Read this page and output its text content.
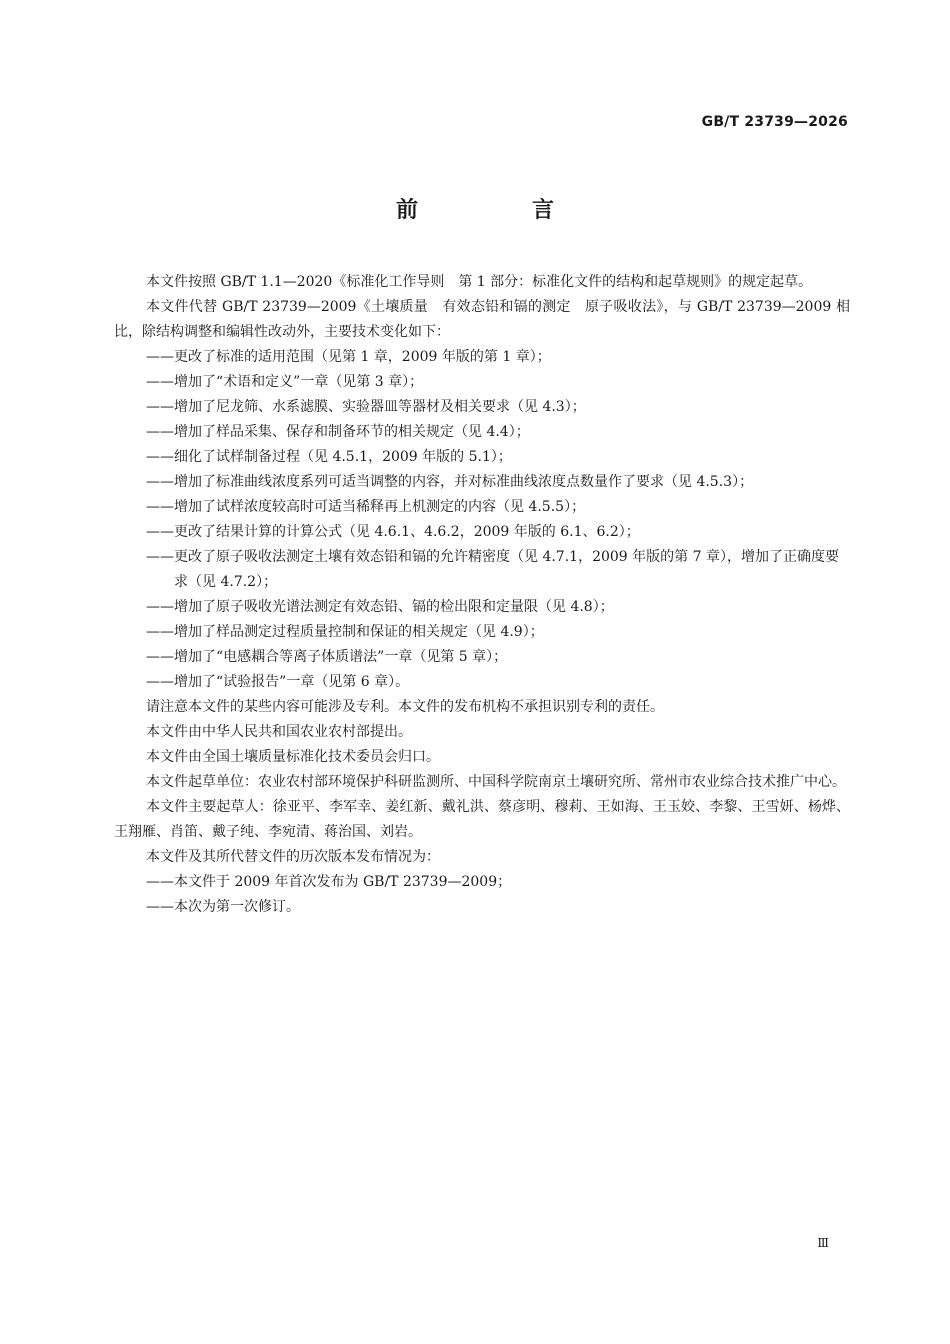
GB/T 23739—2026
前　言

本文件按照 GB/T 1.1—2020《标准化工作导则　第 1 部分：标准化文件的结构和起草规则》的规定起草。

本文件代替 GB/T 23739—2009《土壤质量　有效态铅和镉的测定　原子吸收法》，与 GB/T 23739—2009 相比，除结构调整和编辑性改动外，主要技术变化如下：

——更改了标准的适用范围（见第 1 章，2009 年版的第 1 章）；

——增加了“术语和定义”一章（见第 3 章）；

——增加了尼龙筛、水系滤膜、实验器皿等器材及相关要求（见 4.3）；

——增加了样品采集、保存和制备环节的相关规定（见 4.4）；

——细化了试样制备过程（见 4.5.1，2009 年版的 5.1）；

——增加了标准曲线浓度系列可适当调整的内容，并对标准曲线浓度点数量作了要求（见 4.5.3）；

——增加了试样浓度较高时可适当稀释再上机测定的内容（见 4.5.5）；

——更改了结果计算的计算公式（见 4.6.1、4.6.2，2009 年版的 6.1、6.2）；

——更改了原子吸收法测定土壤有效态铅和镉的允许精密度（见 4.7.1，2009 年版的第 7 章），增加了正确度要求（见 4.7.2）；

——增加了原子吸收光谱法测定有效态铅、镉的检出限和定量限（见 4.8）；

——增加了样品测定过程质量控制和保证的相关规定（见 4.9）；

——增加了“电感耦合等离子体质谱法”一章（见第 5 章）；

——增加了“试验报告”一章（见第 6 章）。

请注意本文件的某些内容可能涉及专利。本文件的发布机构不承担识别专利的责任。

本文件由中华人民共和国农业农村部提出。

本文件由全国土壤质量标准化技术委员会归口。

本文件起草单位：农业农村部环境保护科研监测所、中国科学院南京土壤研究所、常州市农业综合技术推广中心。

本文件主要起草人：徐亚平、李军幸、姜红新、戴礼洪、蔡彦明、穆莉、王如海、王玉姣、李黎、王雪妍、杨烨、王翔雁、肖笛、戴子纯、李宛清、蒋治国、刘岩。

本文件及其所代替文件的历次版本发布情况为：

——本文件于 2009 年首次发布为 GB/T 23739—2009；

——本次为第一次修订。

Ⅲ
